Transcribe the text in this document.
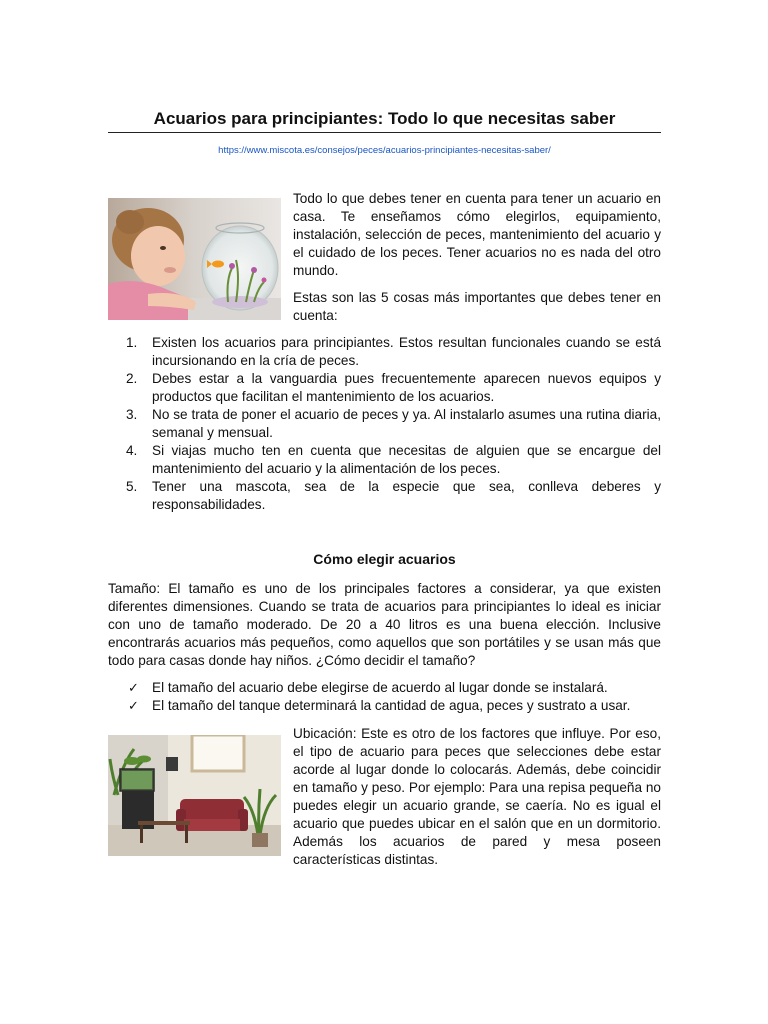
Acuarios para principiantes: Todo lo que necesitas saber
https://www.miscota.es/consejos/peces/acuarios-principiantes-necesitas-saber/

Todo lo que debes tener en cuenta para tener un acuario en casa. Te enseñamos cómo elegirlos, equipamiento, instalación, selección de peces, mantenimiento del acuario y el cuidado de los peces. Tener acuarios no es nada del otro mundo.

Estas son las 5 cosas más importantes que debes tener en cuenta:

1. Existen los acuarios para principiantes. Estos resultan funcionales cuando se está incursionando en la cría de peces.
2. Debes estar a la vanguardia pues frecuentemente aparecen nuevos equipos y productos que facilitan el mantenimiento de los acuarios.
3. No se trata de poner el acuario de peces y ya. Al instalarlo asumes una rutina diaria, semanal y mensual.
4. Si viajas mucho ten en cuenta que necesitas de alguien que se encargue del mantenimiento del acuario y la alimentación de los peces.
5. Tener una mascota, sea de la especie que sea, conlleva deberes y responsabilidades.
Cómo elegir acuarios

Tamaño: El tamaño es uno de los principales factores a considerar, ya que existen diferentes dimensiones. Cuando se trata de acuarios para principiantes lo ideal es iniciar con uno de tamaño moderado. De 20 a 40 litros es una buena elección. Inclusive encontrarás acuarios más pequeños, como aquellos que son portátiles y se usan más que todo para casas donde hay niños. ¿Cómo decidir el tamaño?

✓ El tamaño del acuario debe elegirse de acuerdo al lugar donde se instalará.
✓ El tamaño del tanque determinará la cantidad de agua, peces y sustrato a usar.

Ubicación: Este es otro de los factores que influye. Por eso, el tipo de acuario para peces que selecciones debe estar acorde al lugar donde lo colocarás. Además, debe coincidir en tamaño y peso. Por ejemplo: Para una repisa pequeña no puedes elegir un acuario grande, se caería. No es igual el acuario que puedes ubicar en el salón que en un dormitorio. Además los acuarios de pared y mesa poseen características distintas.
